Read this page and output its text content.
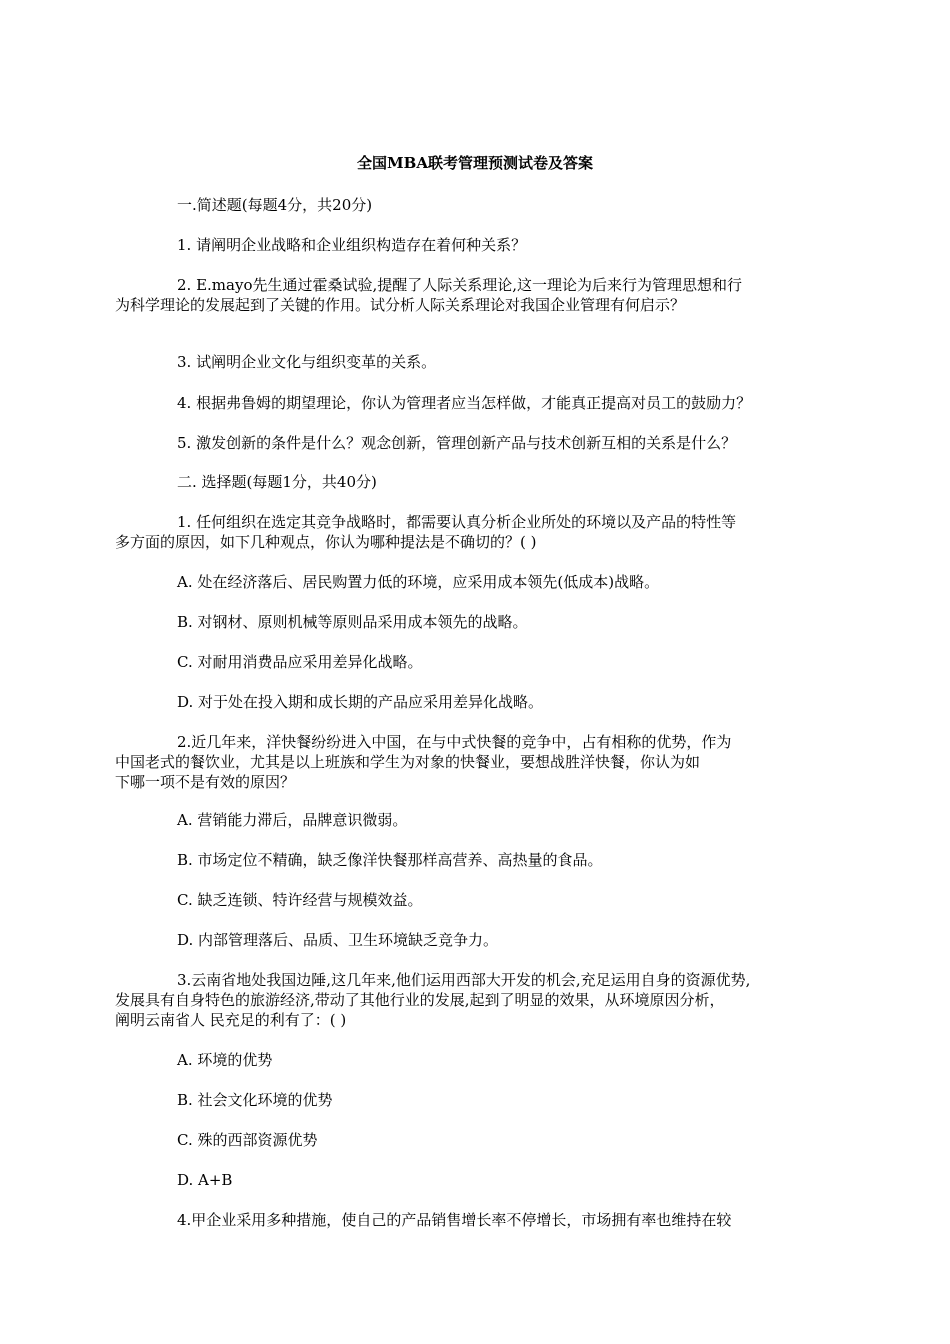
全国MBA联考管理预测试卷及答案

一.简述题(每题4分，共20分)

1. 请阐明企业战略和企业组织构造存在着何种关系？

2. E.mayo先生通过霍桑试验,提醒了人际关系理论,这一理论为后来行为管理思想和行
为科学理论的发展起到了关键的作用。试分析人际关系理论对我国企业管理有何启示？

3. 试阐明企业文化与组织变革的关系。

4. 根据弗鲁姆的期望理论，你认为管理者应当怎样做，才能真正提高对员工的鼓励力？

5. 激发创新的条件是什么？观念创新，管理创新产品与技术创新互相的关系是什么？

二. 选择题(每题1分，共40分)

1. 任何组织在选定其竞争战略时，都需要认真分析企业所处的环境以及产品的特性等
多方面的原因，如下几种观点，你认为哪种提法是不确切的？( )

A. 处在经济落后、居民购置力低的环境，应采用成本领先(低成本)战略。

B. 对钢材、原则机械等原则品采用成本领先的战略。

C. 对耐用消费品应采用差异化战略。

D. 对于处在投入期和成长期的产品应采用差异化战略。

2.近几年来，洋快餐纷纷进入中国，在与中式快餐的竞争中，占有相称的优势，作为
中国老式的餐饮业，尤其是以上班族和学生为对象的快餐业，要想战胜洋快餐，你认为如
下哪一项不是有效的原因？

A. 营销能力滞后，品牌意识微弱。

B. 市场定位不精确，缺乏像洋快餐那样高营养、高热量的食品。

C. 缺乏连锁、特许经营与规模效益。

D. 内部管理落后、品质、卫生环境缺乏竞争力。

3.云南省地处我国边陲,这几年来,他们运用西部大开发的机会,充足运用自身的资源优势,
发展具有自身特色的旅游经济,带动了其他行业的发展,起到了明显的效果，从环境原因分析，
阐明云南省人 民充足的利有了：( )

A. 环境的优势

B. 社会文化环境的优势

C. 殊的西部资源优势

D. A+B

4.甲企业采用多种措施，使自己的产品销售增长率不停增长，市场拥有率也维持在较
